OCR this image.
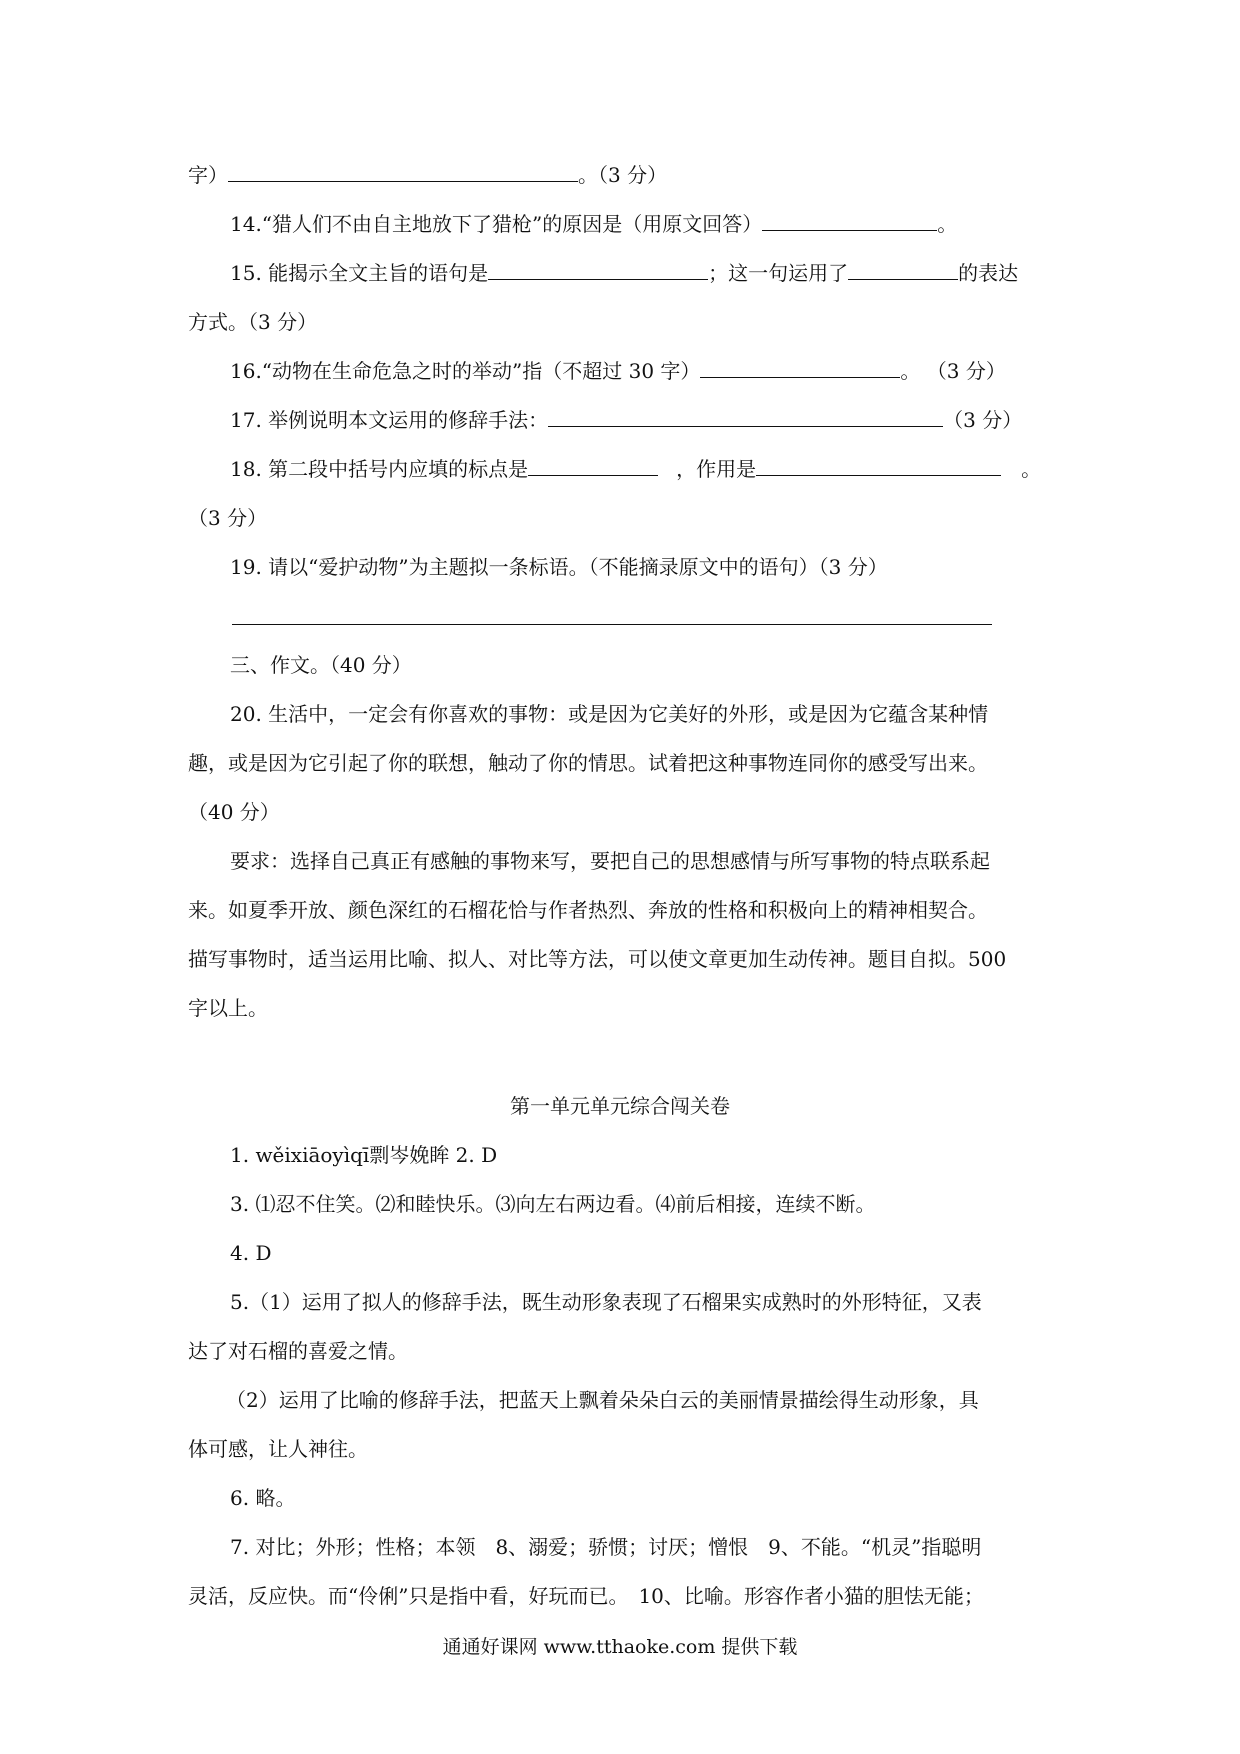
字）	。（3 分）
14.“猎人们不由自主地放下了猎枪”的原因是（用原文回答）	。
15. 能揭示全文主旨的语句是	；这一句运用了	的表达
方式。（3 分）
16.“动物在生命危急之时的举动”指（不超过 30 字）	。 （3 分）
17. 举例说明本文运用的修辞手法：	（3 分）
18. 第二段中括号内应填的标点是	，作用是	。
（3 分）
19. 请以“爱护动物”为主题拟一条标语。（不能摘录原文中的语句）（3 分）
三、作文。（40 分）
20. 生活中，一定会有你喜欢的事物：或是因为它美好的外形，或是因为它蕴含某种情
趣，或是因为它引起了你的联想，触动了你的情思。试着把这种事物连同你的感受写出来。
（40 分）
要求：选择自己真正有感触的事物来写，要把自己的思想感情与所写事物的特点联系起
来。如夏季开放、颜色深红的石榴花恰与作者热烈、奔放的性格和积极向上的精神相契合。
描写事物时，适当运用比喻、拟人、对比等方法，可以使文章更加生动传神。题目自拟。500
字以上。
第一单元单元综合闯关卷
1. wěixiāoyìqī剽岑娩眸 2. D
3. ⑴忍不住笑。⑵和睦快乐。⑶向左右两边看。⑷前后相接，连续不断。
4. D
5.（1）运用了拟人的修辞手法，既生动形象表现了石榴果实成熟时的外形特征，又表
达了对石榴的喜爱之情。
（2）运用了比喻的修辞手法，把蓝天上飘着朵朵白云的美丽情景描绘得生动形象，具
体可感，让人神往。
6. 略。
7. 对比；外形；性格；本领　8、溺爱；骄惯；讨厌；憎恨　9、不能。“机灵”指聪明
灵活，反应快。而“伶俐”只是指中看，好玩而已。　10、比喻。形容作者小猫的胆怯无能；
通通好课网 www.tthaoke.com 提供下载
